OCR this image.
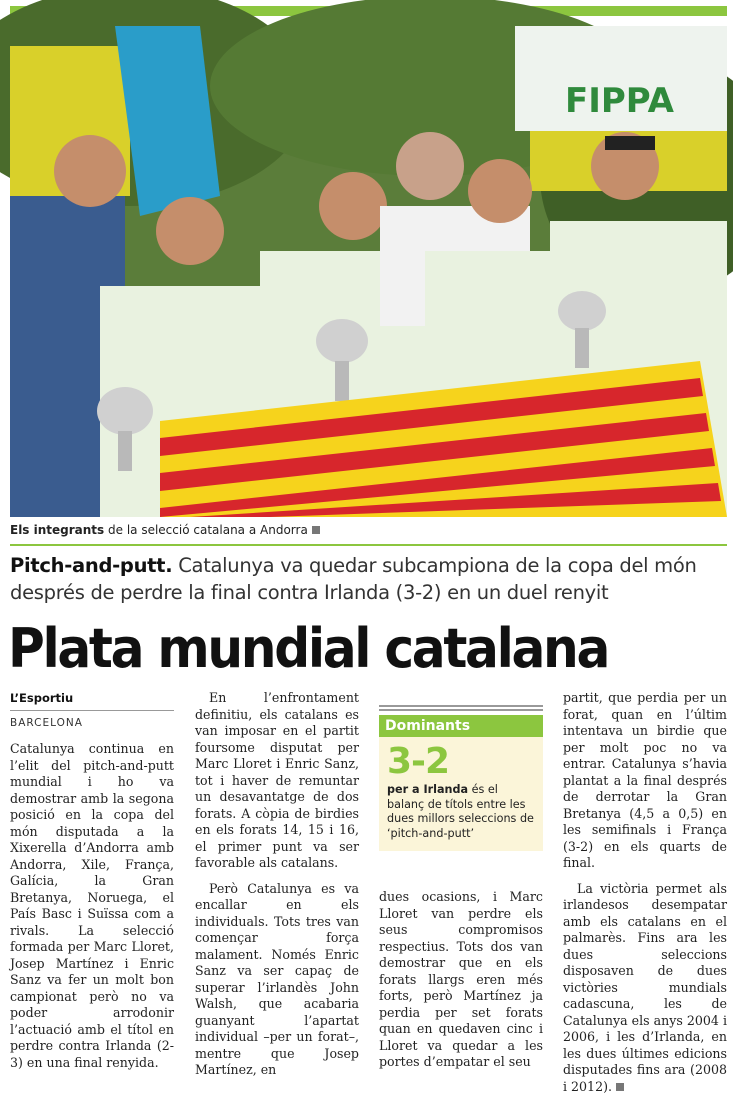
FIPPA
Els integrants de la selecció catalana a Andorra
Pitch-and-putt. Catalunya va quedar subcampiona de la copa del món després de perdre la final contra Irlanda (3-2) en un duel renyit
Plata mundial catalana
L’Esportiu
BARCELONA

Catalunya continua en l’elit del pitch-and-putt mundial i ho va demostrar amb la segona posició en la copa del món disputada a la Xixerella d’Andorra amb Andorra, Xile, França, Galícia, la Gran Bretanya, Noruega, el País Basc i Suïssa com a rivals. La selecció formada per Marc Lloret, Josep Martínez i Enric Sanz va fer un molt bon campionat però no va poder arrodonir l’actuació amb el títol en perdre contra Irlanda (2-3) en una final renyida.

En l’enfrontament definitiu, els catalans es van imposar en el partit foursome disputat per Marc Lloret i Enric Sanz, tot i haver de remuntar un desavantatge de dos forats. A còpia de birdies en els forats 14, 15 i 16, el primer punt va ser favorable als catalans.

Però Catalunya es va encallar en els individuals. Tots tres van començar força malament. Només Enric Sanz va ser capaç de superar l’irlandès John Walsh, que acabaria guanyant l’apartat individual –per un forat–, mentre que Josep Martínez, en

Dominants
3-2
per a Irlanda és el balanç de títols entre les dues millors seleccions de ‘pitch-and-putt’

dues ocasions, i Marc Lloret van perdre els seus compromisos respectius. Tots dos van demostrar que en els forats llargs eren més forts, però Martínez ja perdia per set forats quan en quedaven cinc i Lloret va quedar a les portes d’empatar el seu

partit, que perdia per un forat, quan en l’últim intentava un birdie que per molt poc no va entrar. Catalunya s’havia plantat a la final després de derrotar la Gran Bretanya (4,5 a 0,5) en les semifinals i França (3-2) en els quarts de final.

La victòria permet als irlandesos desempatar amb els catalans en el palmarès. Fins ara les dues seleccions disposaven de dues victòries mundials cadascuna, les de Catalunya els anys 2004 i 2006, i les d’Irlanda, en les dues últimes edicions disputades fins ara (2008 i 2012).
